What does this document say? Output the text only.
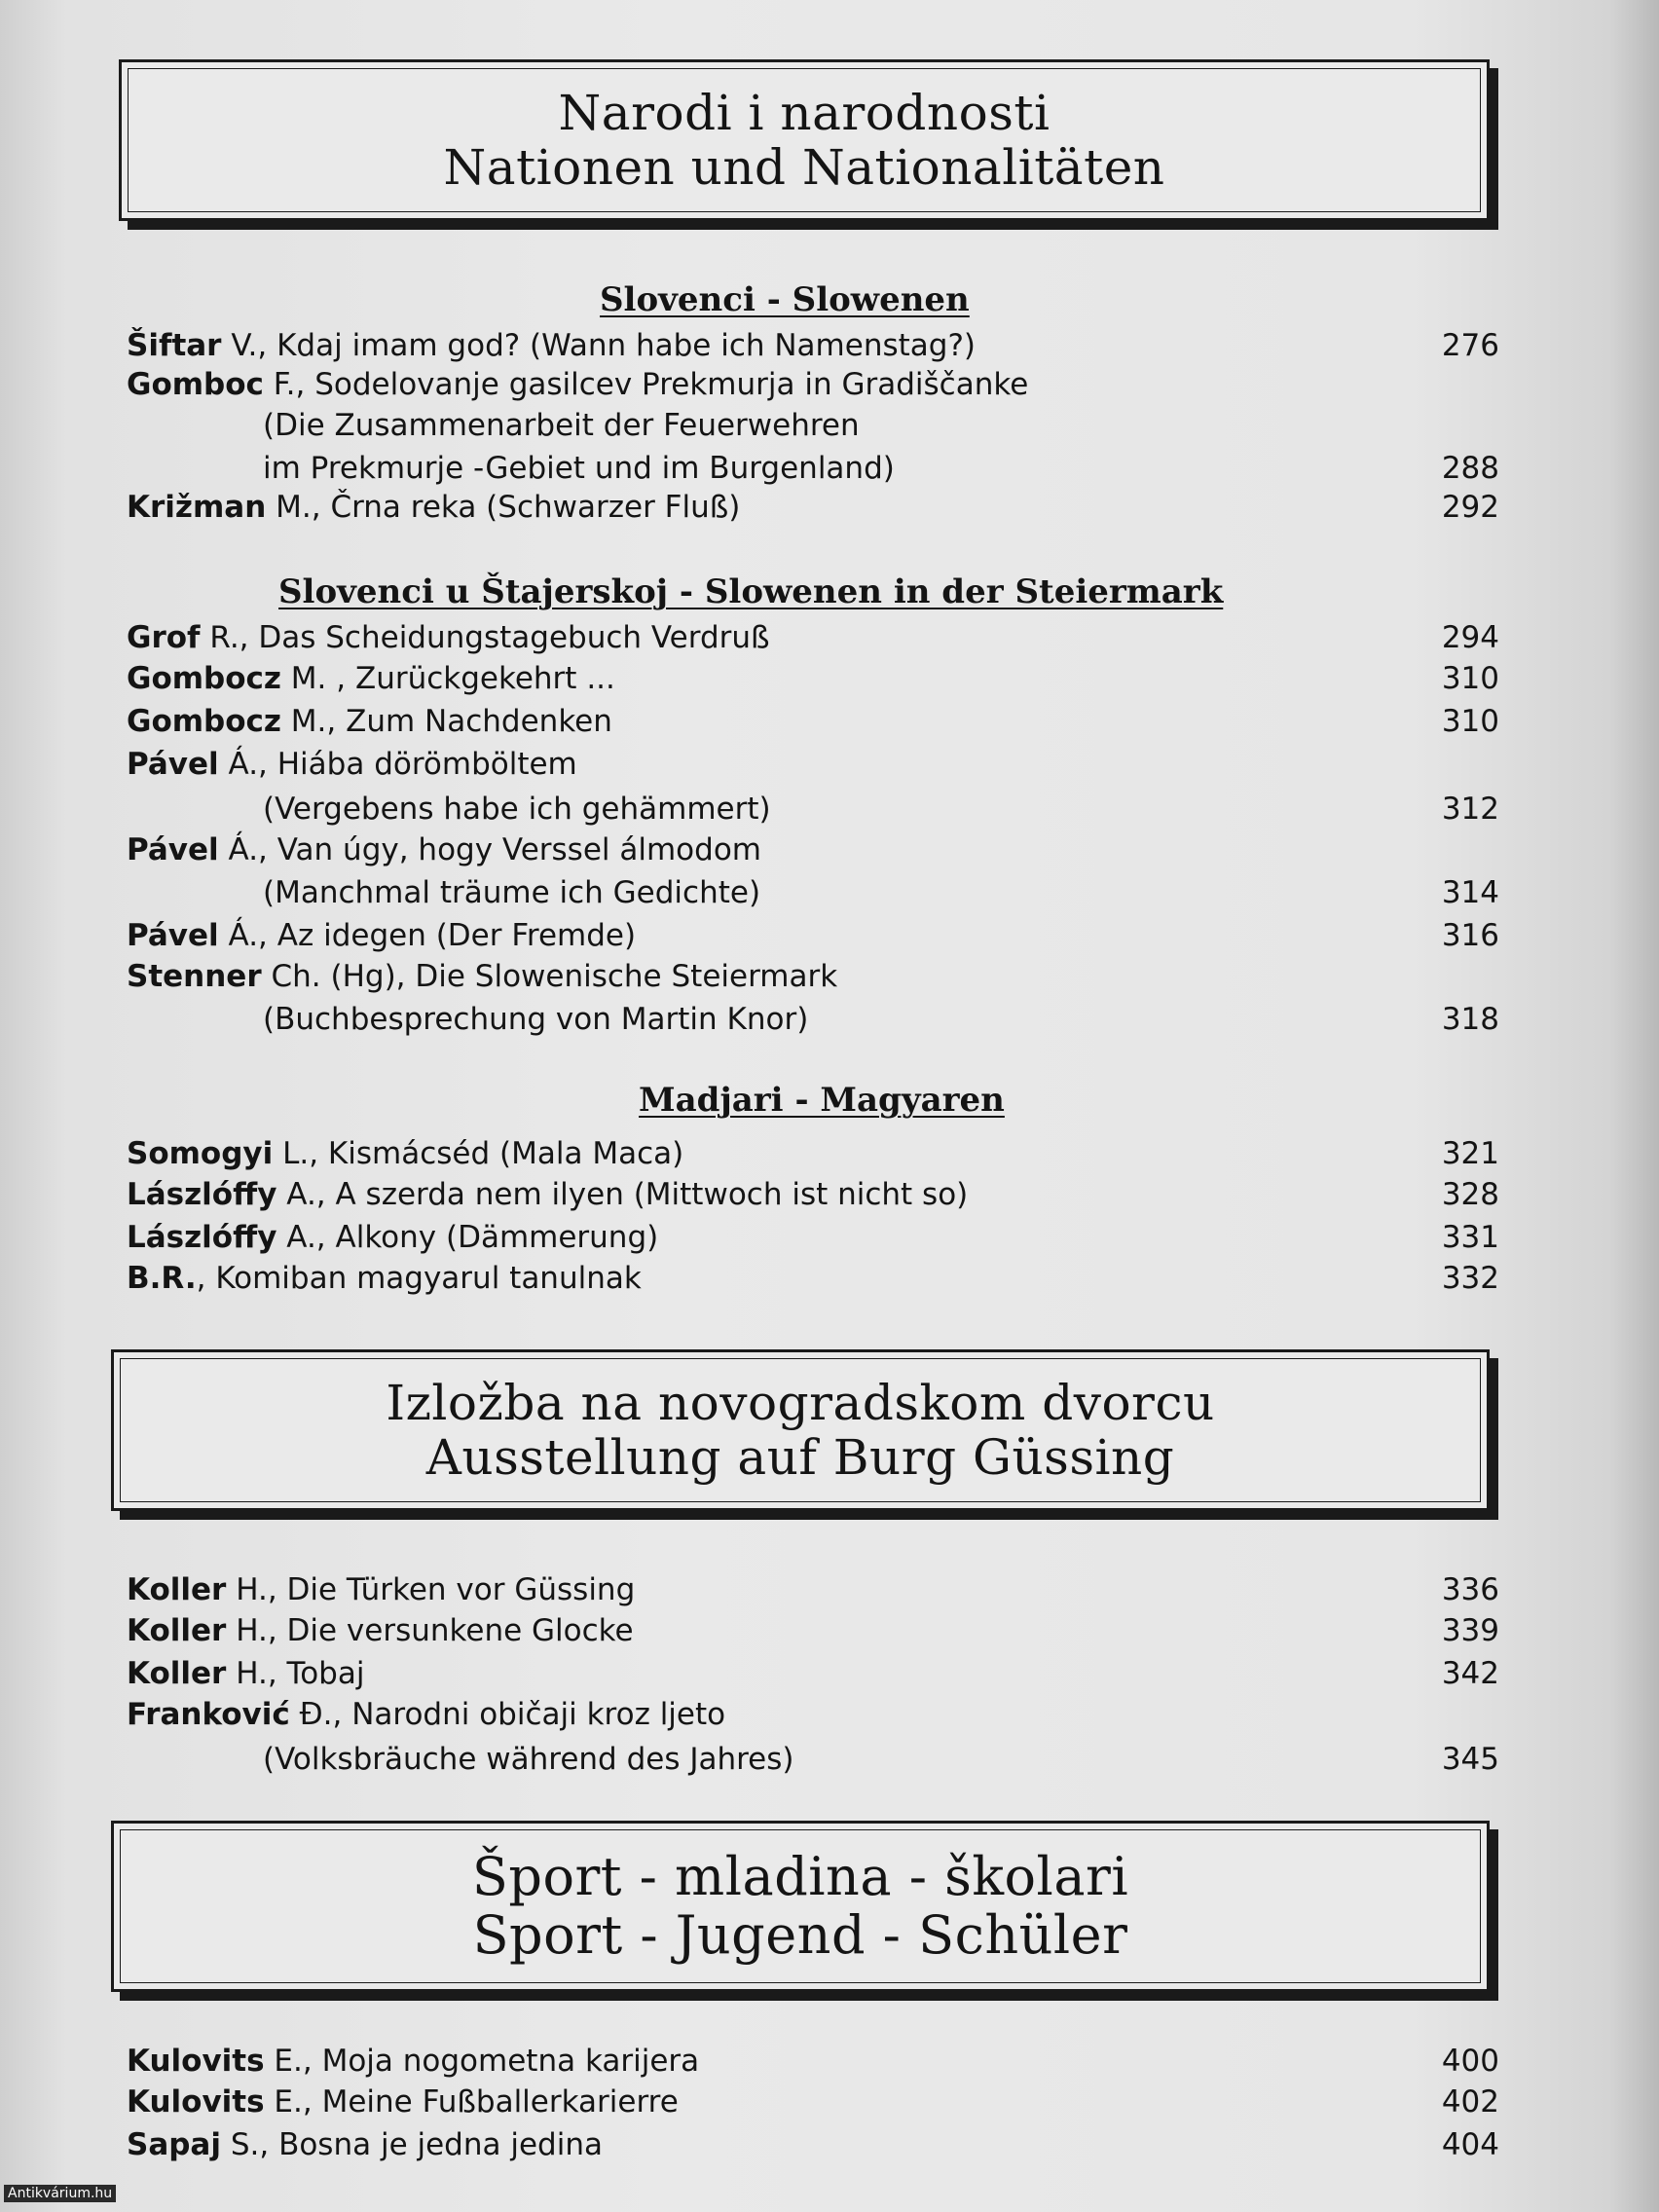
Narodi i narodnosti
Nationen und Nationalitäten
Slovenci - Slowenen
Šiftar V., Kdaj imam god? (Wann habe ich Namenstag?)	276
Gomboc F., Sodelovanje gasilcev Prekmurja in Gradiščanke
(Die Zusammenarbeit der Feuerwehren
im Prekmurje -Gebiet und im Burgenland)	288
Križman M., Črna reka (Schwarzer Fluß)	292
Slovenci u Štajerskoj - Slowenen in der Steiermark
Grof R., Das Scheidungstagebuch Verdruß	294
Gombocz M. , Zurückgekehrt ...	310
Gombocz M., Zum Nachdenken	310
Pável Á., Hiába dörömböltem
(Vergebens habe ich gehämmert)	312
Pável Á., Van úgy, hogy Verssel álmodom
(Manchmal träume ich Gedichte)	314
Pável Á., Az idegen (Der Fremde)	316
Stenner Ch. (Hg), Die Slowenische Steiermark
(Buchbesprechung von Martin Knor)	318
Madjari - Magyaren
Somogyi L., Kismácséd (Mala Maca)	321
Lászlóffy A., A szerda nem ilyen (Mittwoch ist nicht so)	328
Lászlóffy A., Alkony (Dämmerung)	331
B.R., Komiban magyarul tanulnak	332
Izložba na novogradskom dvorcu
Ausstellung auf Burg Güssing
Koller H., Die Türken vor Güssing	336
Koller H., Die versunkene Glocke	339
Koller H., Tobaj	342
Franković Đ., Narodni običaji kroz ljeto
(Volksbräuche während des Jahres)	345
Šport - mladina - školari
Sport - Jugend - Schüler
Kulovits E., Moja nogometna karijera	400
Kulovits E., Meine Fußballerkarierre	402
Sapaj S., Bosna je jedna jedina	404
Antikvárium.hu
